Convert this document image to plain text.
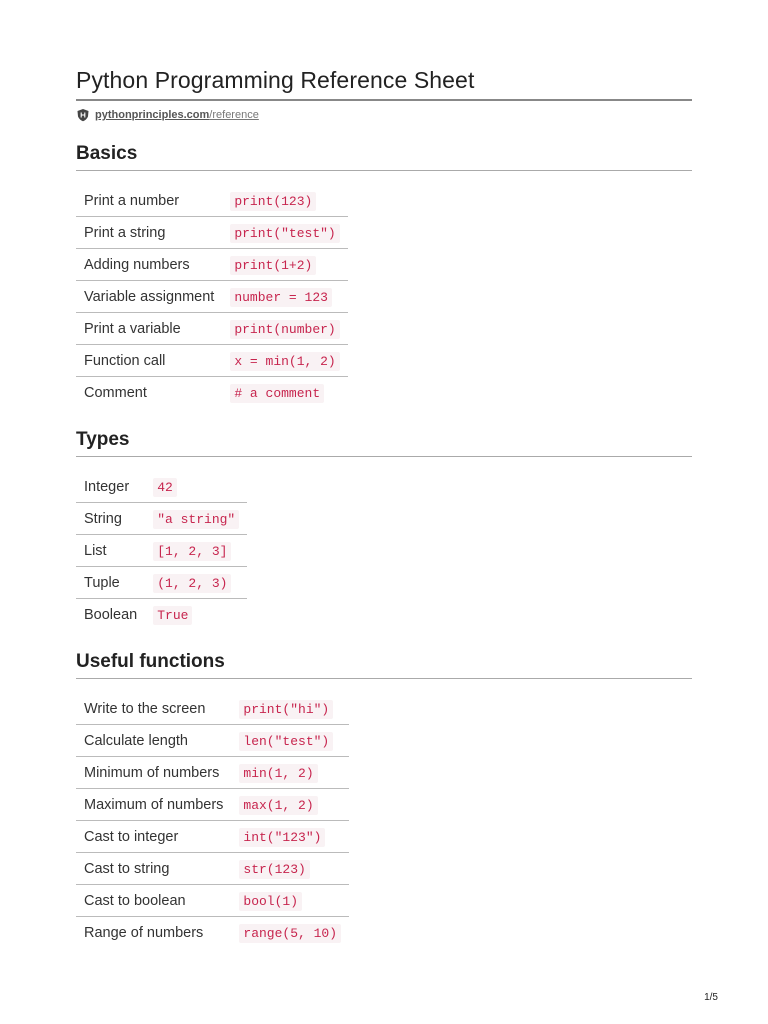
Python Programming Reference Sheet
pythonprinciples.com /reference
Basics
Print a number	print(123)
Print a string	print("test")
Adding numbers	print(1+2)
Variable assignment	number = 123
Print a variable	print(number)
Function call	x = min(1, 2)
Comment	# a comment
Types
Integer	42
String	"a string"
List	[1, 2, 3]
Tuple	(1, 2, 3)
Boolean	True
Useful functions
Write to the screen	print("hi")
Calculate length	len("test")
Minimum of numbers	min(1, 2)
Maximum of numbers	max(1, 2)
Cast to integer	int("123")
Cast to string	str(123)
Cast to boolean	bool(1)
Range of numbers	range(5, 10)
1/5
